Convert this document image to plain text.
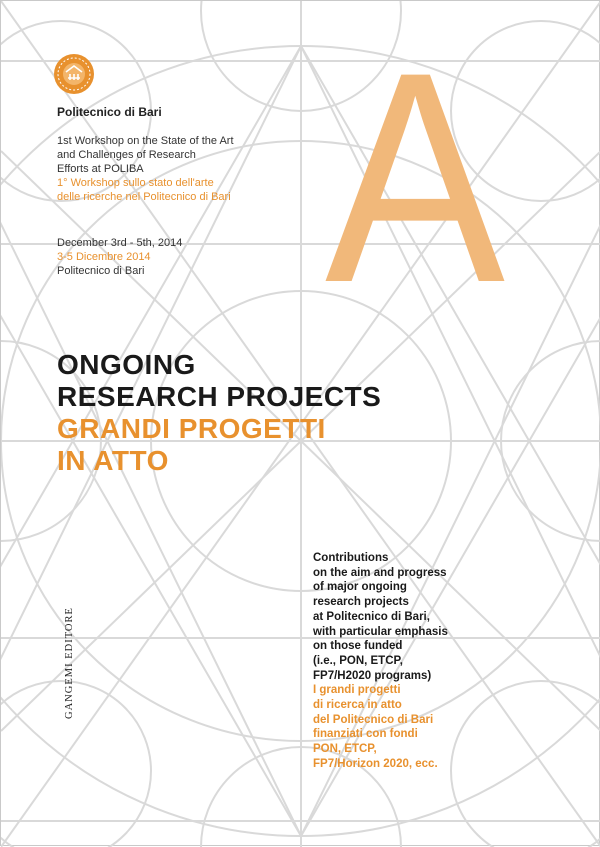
Politecnico di Bari
1st Workshop on the State of the Art
and Challenges of Research
Efforts at POLIBA
1° Workshop sullo stato dell'arte
delle ricerche nel Politecnico di Bari
December 3rd - 5th, 2014
3-5 Dicembre 2014
Politecnico di Bari A
ONGOING
RESEARCH PROJECTS
GRANDI PROGETTI
IN ATTO
Contributions
on the aim and progress
of major ongoing
research projects
at Politecnico di Bari,
with particular emphasis
on those funded
(i.e., PON, ETCP,
FP7/H2020 programs)
I grandi progetti
di ricerca in atto
del Politecnico di Bari
finanziati con fondi
PON, ETCP,
FP7/Horizon 2020, ecc.
GANGEMI EDITORE
